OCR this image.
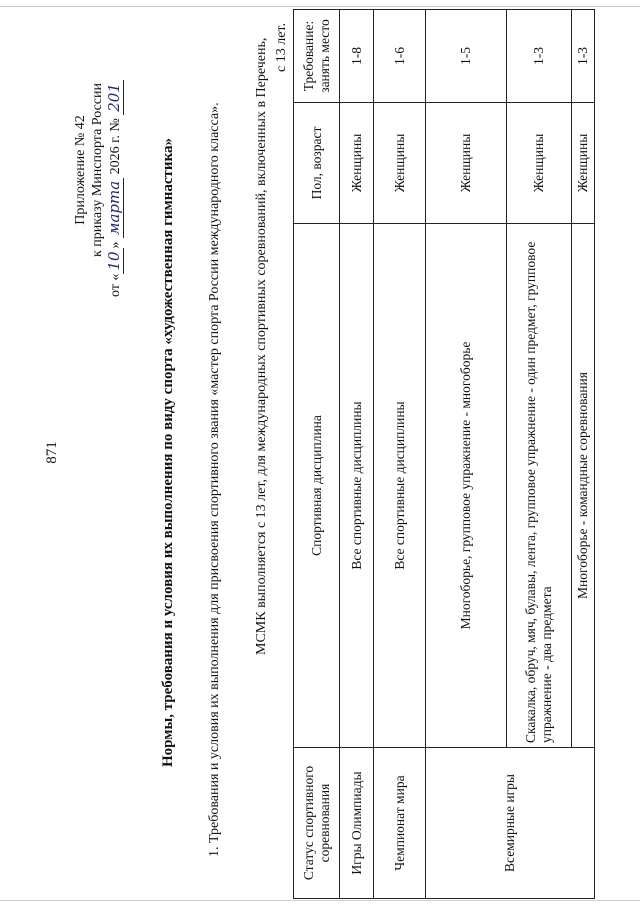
871
Приложение № 42 к приказу Минспорта России
от «10» марта 2026 г. № 201
Нормы, требования и условия их выполнения по виду спорта «художественная гимнастика» 1. Требования и условия их выполнения для присвоения спортивного звания «мастер спорта России международного класса». МСМК выполняется с 13 лет, для международных спортивных соревнований, включенных в Перечень, с 13 лет.
Статус спортивного соревнования	Спортивная дисциплина	Пол, возраст	Требование: занять место
Игры Олимпиады	Все спортивные дисциплины	Женщины	1-8
Чемпионат мира	Все спортивные дисциплины	Женщины	1-6
Всемирные игры	Многоборье, групповое упражнение - многоборье	Женщины	1-5
	Скакалка, обруч, мяч, булавы, лента, групповое упражнение - один предмет, групповое упражнение - два предмета	Женщины	1-3
	Многоборье - командные соревнования	Женщины	1-3
